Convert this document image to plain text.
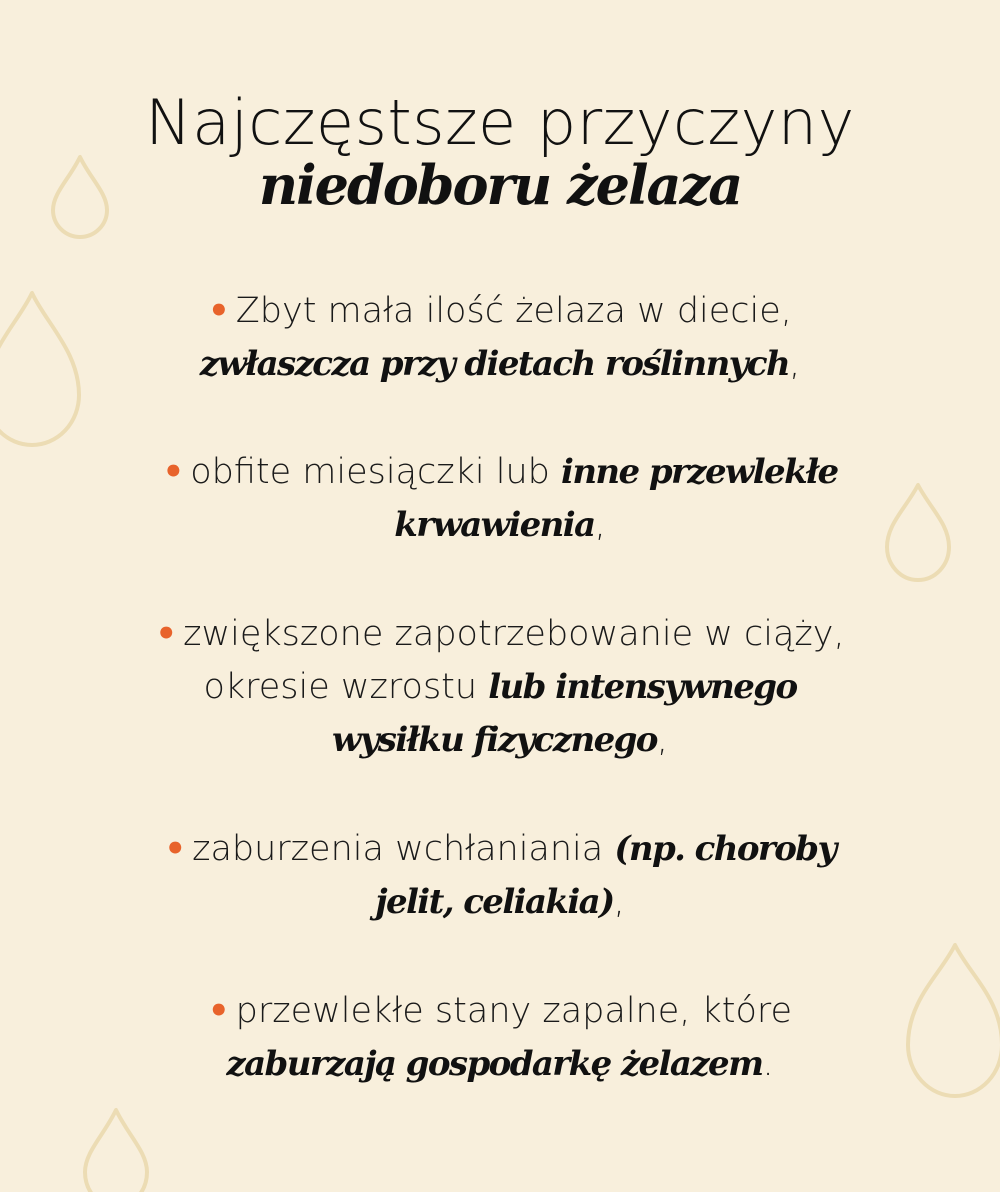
Najczęstsze przyczyny
niedoboru żelaza
• Zbyt mała ilość żelaza w diecie,
zwłaszcza przy dietach roślinnych,
• obfite miesiączki lub inne przewlekłe
krwawienia,
• zwiększone zapotrzebowanie w ciąży,
okresie wzrostu lub intensywnego
wysiłku fizycznego,
• zaburzenia wchłaniania (np. choroby
jelit, celiakia),
• przewlekłe stany zapalne, które
zaburzają gospodarkę żelazem.
